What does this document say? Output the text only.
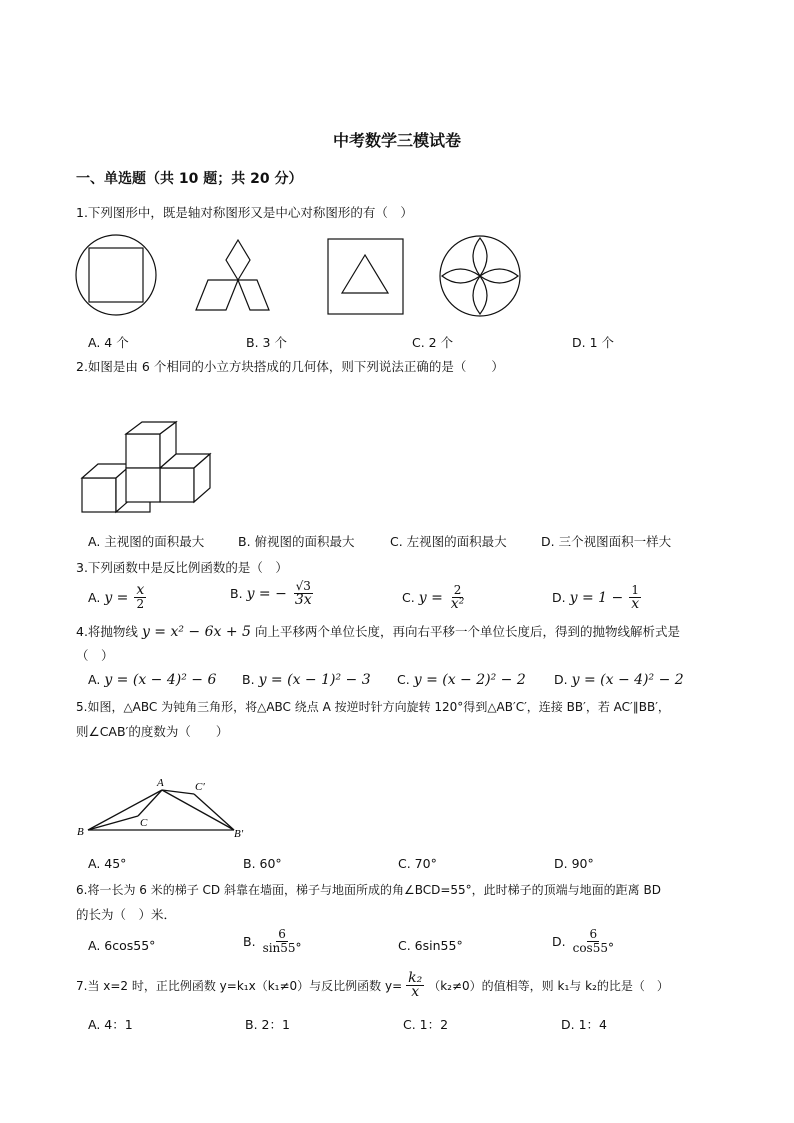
中考数学三模试卷
一、单选题（共 10 题；共 20 分）
1.下列图形中，既是轴对称图形又是中心对称图形的有（　）
A. 4 个	B. 3 个	C. 2 个	D. 1 个
2.如图是由 6 个相同的小立方块搭成的几何体，则下列说法正确的是（　　）
A. 主视图的面积最大	B. 俯视图的面积最大	C. 左视图的面积最大	D. 三个视图面积一样大
3.下列函数中是反比例函数的是（　）
A. $y = \frac{x}{2}$	B. y = − $\frac{√3}{3x}$	C. $y = \frac{2}{\text{x²}}$	D. $y = 1 - \frac{1}{x}$
4.将抛物线 y = x² − 6x + 5 向上平移两个单位长度，再向右平移一个单位长度后，得到的抛物线解析式是
（　）
A. y = (x − 4)² − 6 B. y = (x − 1)² − 3 C. y = (x − 2)² − 2 D. y = (x − 4)² − 2
5.如图，△ABC 为钝角三角形，将△ABC 绕点 A 按逆时针方向旋转 120°得到△AB′C′，连接 BB′，若 AC′∥BB′，
则∠CAB′的度数为（　　）
A
B
C
C′
B′
A. 45°	B. 60°	C. 70°	D. 90°
6.将一长为 6 米的梯子 CD 斜靠在墙面，梯子与地面所成的角∠BCD=55°，此时梯子的顶端与地面的距离 BD
的长为（　）米．
A. 6cos55°	B. $\frac{6}{\sin 55^\circ}$	C. 6sin55°	D. $\frac{6}{\cos 55^\circ}$
7.当 x=2 时，正比例函数 y=k₁x（k₁≠0）与反比例函数 $y= \frac{\text{k₂}}{x} (k_2\ne 0)$的值相等，则 k₁与 k₂的比是（　）
A. 4：1	B. 2：1	C. 1：2	D. 1：4
